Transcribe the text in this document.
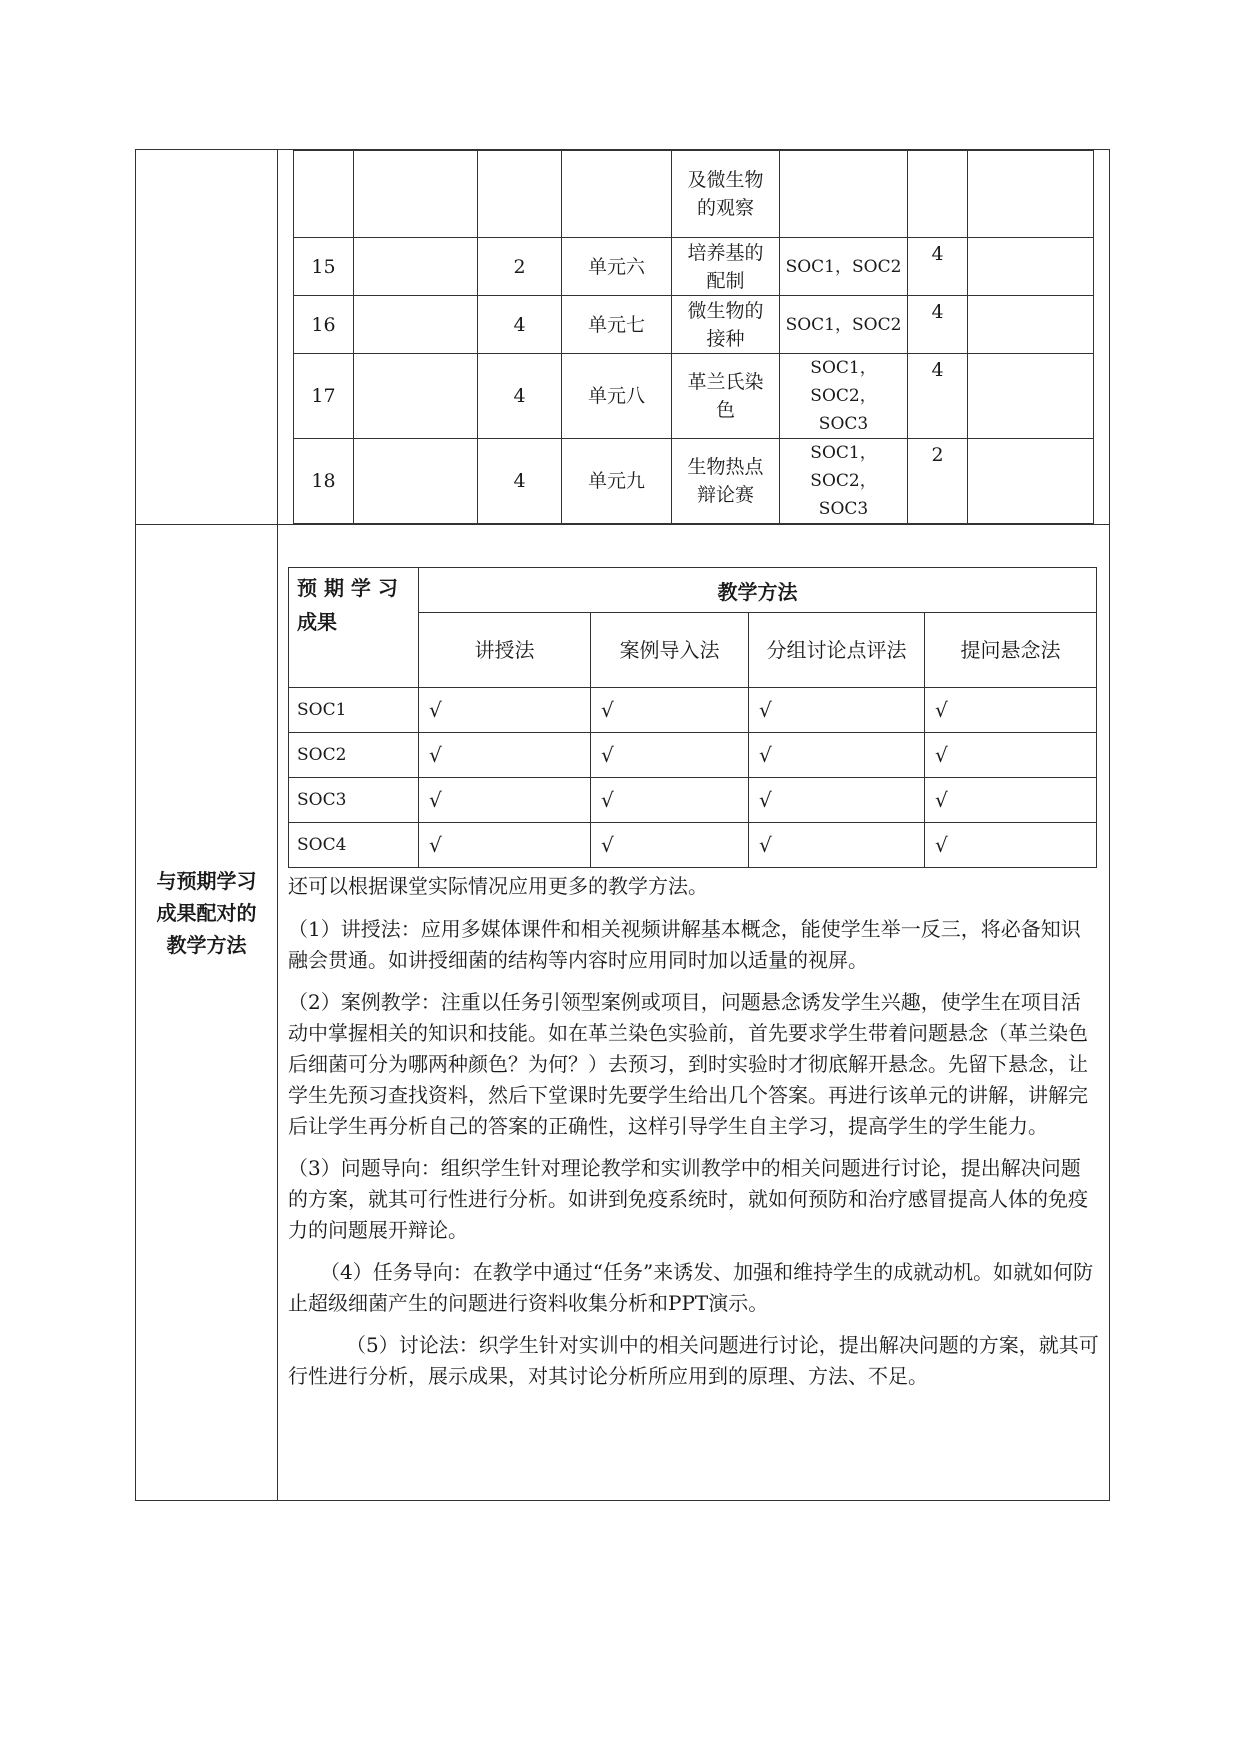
				及微生物的观察			
15		2	单元六	培养基的配制	SOC1，SOC2	4	
16		4	单元七	微生物的接种	SOC1，SOC2	4	
17		4	单元八	革兰氏染色	SOC1，SOC2，SOC3	4	
18		4	单元九	生物热点辩论赛	SOC1，SOC2，SOC3	2	

与预期学习成果配对的教学方法

预 期 学 习 成果	教学方法
讲授法	案例导入法	分组讨论点评法	提问悬念法
SOC1	√	√	√	√
SOC2	√	√	√	√
SOC3	√	√	√	√
SOC4	√	√	√	√

还可以根据课堂实际情况应用更多的教学方法。

（1）讲授法：应用多媒体课件和相关视频讲解基本概念，能使学生举一反三，将必备知识融会贯通。如讲授细菌的结构等内容时应用同时加以适量的视屏。

（2）案例教学：注重以任务引领型案例或项目，问题悬念诱发学生兴趣，使学生在项目活动中掌握相关的知识和技能。如在革兰染色实验前，首先要求学生带着问题悬念（革兰染色后细菌可分为哪两种颜色？为何？）去预习，到时实验时才彻底解开悬念。先留下悬念，让学生先预习查找资料，然后下堂课时先要学生给出几个答案。再进行该单元的讲解，讲解完后让学生再分析自己的答案的正确性，这样引导学生自主学习，提高学生的学生能力。

（3）问题导向：组织学生针对理论教学和实训教学中的相关问题进行讨论，提出解决问题的方案，就其可行性进行分析。如讲到免疫系统时，就如何预防和治疗感冒提高人体的免疫力的问题展开辩论。

（4）任务导向：在教学中通过“任务”来诱发、加强和维持学生的成就动机。如就如何防止超级细菌产生的问题进行资料收集分析和PPT演示。

（5）讨论法：织学生针对实训中的相关问题进行讨论，提出解决问题的方案，就其可行性进行分析，展示成果，对其讨论分析所应用到的原理、方法、不足。
